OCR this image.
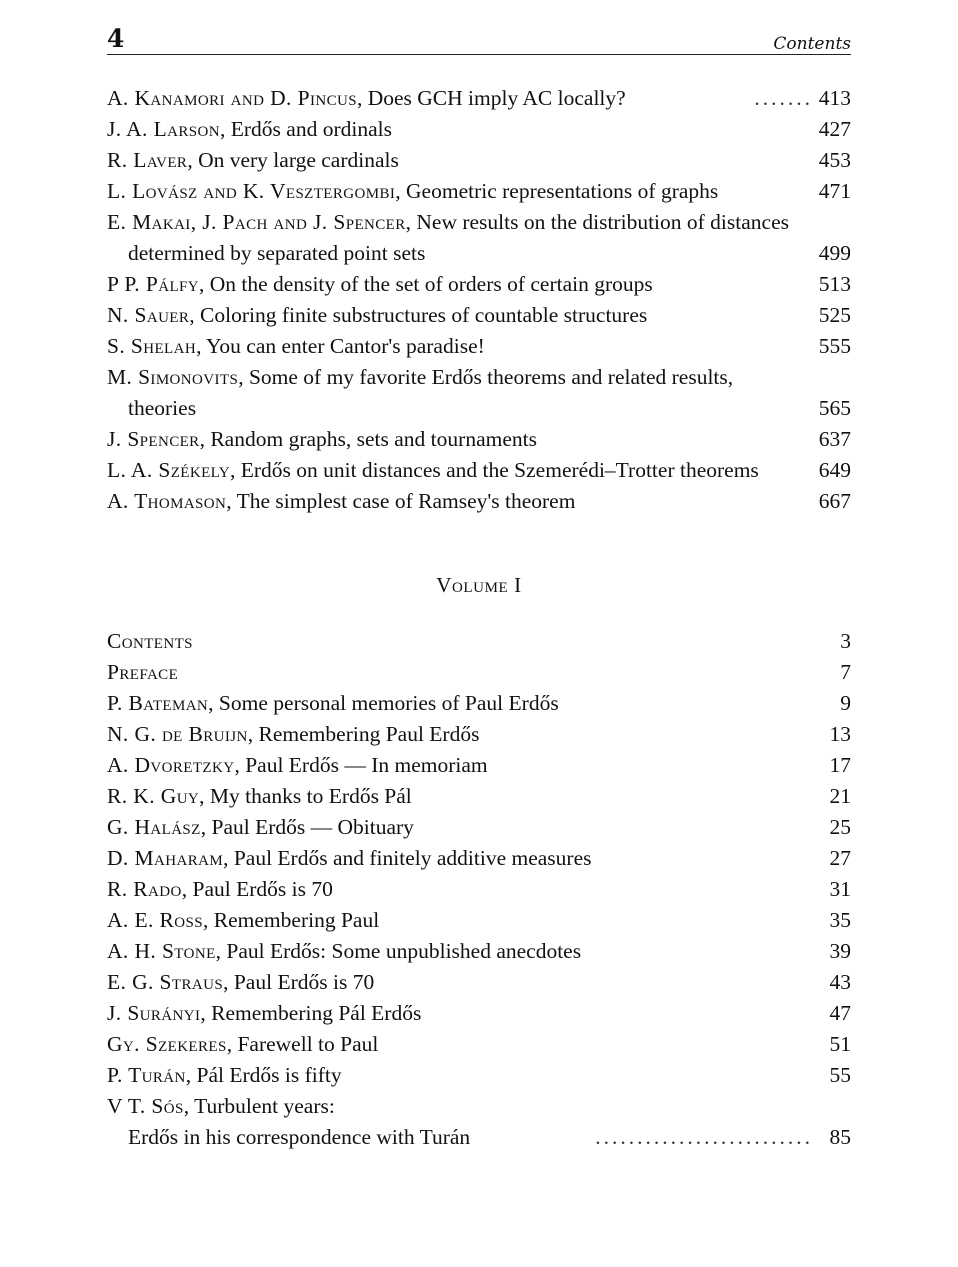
4	Contents
A. Kanamori and D. Pincus, Does GCH imply AC locally?	....... 413
J. A. Larson, Erdős and ordinals	427
R. Laver, On very large cardinals	453
L. Lovász and K. Vesztergombi, Geometric representations of graphs	471
E. Makai, J. Pach and J. Spencer, New results on the distribution of distances determined by separated point sets	499
P P. Pálfy, On the density of the set of orders of certain groups	513
N. Sauer, Coloring finite substructures of countable structures	525
S. Shelah, You can enter Cantor's paradise!	555
M. Simonovits, Some of my favorite Erdős theorems and related results, theories	565
J. Spencer, Random graphs, sets and tournaments	637
L. A. Székely, Erdős on unit distances and the Szemerédi–Trotter theorems	649
A. Thomason, The simplest case of Ramsey's theorem	667
Volume I
Contents	3
Preface	7
P. Bateman, Some personal memories of Paul Erdős	9
N. G. de Bruijn, Remembering Paul Erdős	13
A. Dvoretzky, Paul Erdős — In memoriam	17
R. K. Guy, My thanks to Erdős Pál	21
G. Halász, Paul Erdős — Obituary	25
D. Maharam, Paul Erdős and finitely additive measures	27
R. Rado, Paul Erdős is 70	31
A. E. Ross, Remembering Paul	35
A. H. Stone, Paul Erdős: Some unpublished anecdotes	39
E. G. Straus, Paul Erdős is 70	43
J. Surányi, Remembering Pál Erdős	47
Gy. Szekeres, Farewell to Paul	51
P. Turán, Pál Erdős is fifty	55
V T. Sós, Turbulent years:
Erdős in his correspondence with Turán	.......................... 85
